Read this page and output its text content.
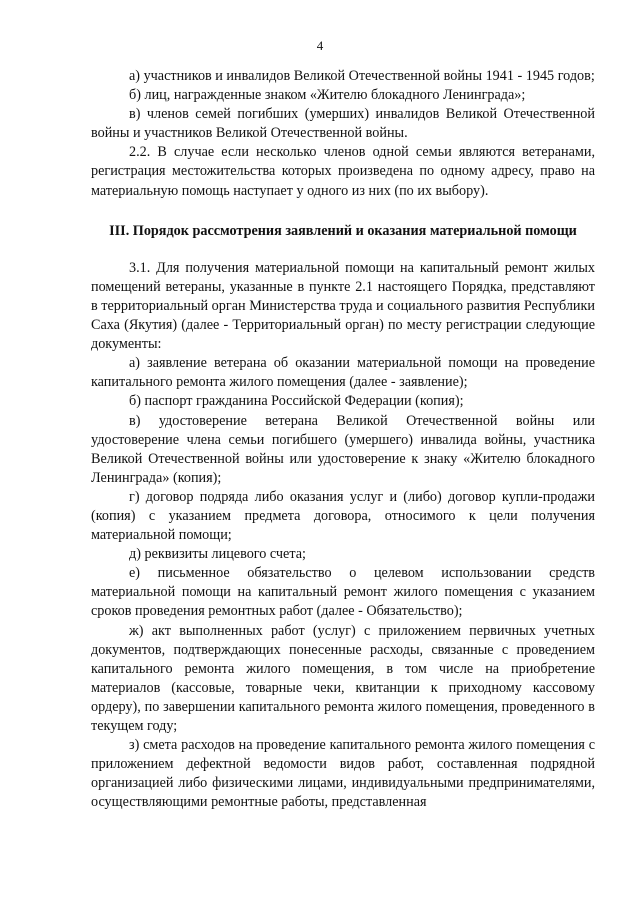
4

а) участников и инвалидов Великой Отечественной войны 1941 - 1945 годов;

б) лиц, награжденные знаком «Жителю блокадного Ленинграда»;

в) членов семей погибших (умерших) инвалидов Великой Отечественной войны и участников Великой Отечественной войны.

2.2. В случае если несколько членов одной семьи являются ветеранами, регистрация местожительства которых произведена по одному адресу, право на материальную помощь наступает у одного из них (по их выбору).

III. Порядок рассмотрения заявлений и оказания материальной помощи

3.1. Для получения материальной помощи на капитальный ремонт жилых помещений ветераны, указанные в пункте 2.1 настоящего Порядка, представляют в территориальный орган Министерства труда и социального развития Республики Саха (Якутия) (далее - Территориальный орган) по месту регистрации следующие документы:

а) заявление ветерана об оказании материальной помощи на проведение капитального ремонта жилого помещения (далее - заявление);

б) паспорт гражданина Российской Федерации (копия);

в) удостоверение ветерана Великой Отечественной войны или удостоверение члена семьи погибшего (умершего) инвалида войны, участника Великой Отечественной войны или удостоверение к знаку «Жителю блокадного Ленинграда» (копия);

г) договор подряда либо оказания услуг и (либо) договор купли-продажи (копия) с указанием предмета договора, относимого к цели получения материальной помощи;

д) реквизиты лицевого счета;

е) письменное обязательство о целевом использовании средств материальной помощи на капитальный ремонт жилого помещения с указанием сроков проведения ремонтных работ (далее - Обязательство);

ж) акт выполненных работ (услуг) с приложением первичных учетных документов, подтверждающих понесенные расходы, связанные с проведением капитального ремонта жилого помещения, в том числе на приобретение материалов (кассовые, товарные чеки, квитанции к приходному кассовому ордеру), по завершении капитального ремонта жилого помещения, проведенного в текущем году;

з) смета расходов на проведение капитального ремонта жилого помещения с приложением дефектной ведомости видов работ, составленная подрядной организацией либо физическими лицами, индивидуальными предпринимателями, осуществляющими ремонтные работы, представленная
